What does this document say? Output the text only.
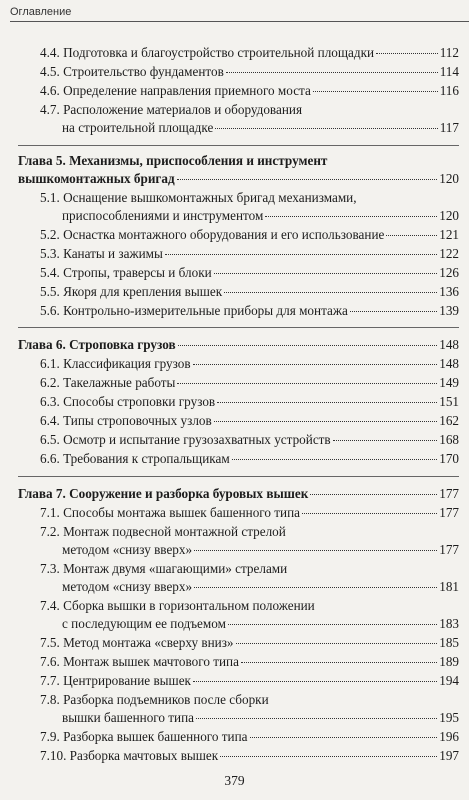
Оглавление
4.4. Подготовка и благоустройство строительной площадки	112
4.5. Строительство фундаментов	114
4.6. Определение направления приемного моста	116
4.7. Расположение материалов и оборудования
на строительной площадке	117
Глава 5. Механизмы, приспособления и инструмент
вышкомонтажных бригад	120
5.1. Оснащение вышкомонтажных бригад механизмами,
приспособлениями и инструментом	120
5.2. Оснастка монтажного оборудования и его использование	121
5.3. Канаты и зажимы	122
5.4. Стропы, траверсы и блоки	126
5.5. Якоря для крепления вышек	136
5.6. Контрольно-измерительные приборы для монтажа	139
Глава 6. Строповка грузов	148
6.1. Классификация грузов	148
6.2. Такелажные работы	149
6.3. Способы строповки грузов	151
6.4. Типы строповочных узлов	162
6.5. Осмотр и испытание грузозахватных устройств	168
6.6. Требования к стропальщикам	170
Глава 7. Сооружение и разборка буровых вышек	177
7.1. Способы монтажа вышек башенного типа	177
7.2. Монтаж подвесной монтажной стрелой
методом «снизу вверх»	177
7.3. Монтаж двумя «шагающими» стрелами
методом «снизу вверх»	181
7.4. Сборка вышки в горизонтальном положении
с последующим ее подъемом	183
7.5. Метод монтажа «сверху вниз»	185
7.6. Монтаж вышек мачтового типа	189
7.7. Центрирование вышек	194
7.8. Разборка подъемников после сборки
вышки башенного типа	195
7.9. Разборка вышек башенного типа	196
7.10. Разборка мачтовых вышек	197
379
